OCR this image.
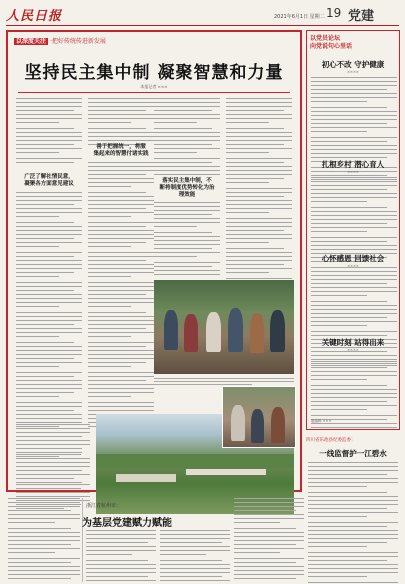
人民日报	2021年6月1日 星期二 19 党建
以深度关注 ·把好传统传进新发展
坚持民主集中制 凝聚智慧和力量
本报记者 ×××
广泛了解社情民意，
凝聚各方面意见建议
善于把握统一，将服
集起来的智慧付诸实践
落实民主集中制，不
断将制度优势转化为治
理效能
以党员论坛
向党说句心里话
初心不改 守护健康
××××
扎根乡村 潜心育人
××××
心怀感恩 回馈社会
××××
关键时刻 站得出来
××××
版编辑 ×××
四川省乐池县纪委监委：
一线监督护一江碧水
浙江省杭州市：
为基层党建赋力赋能
